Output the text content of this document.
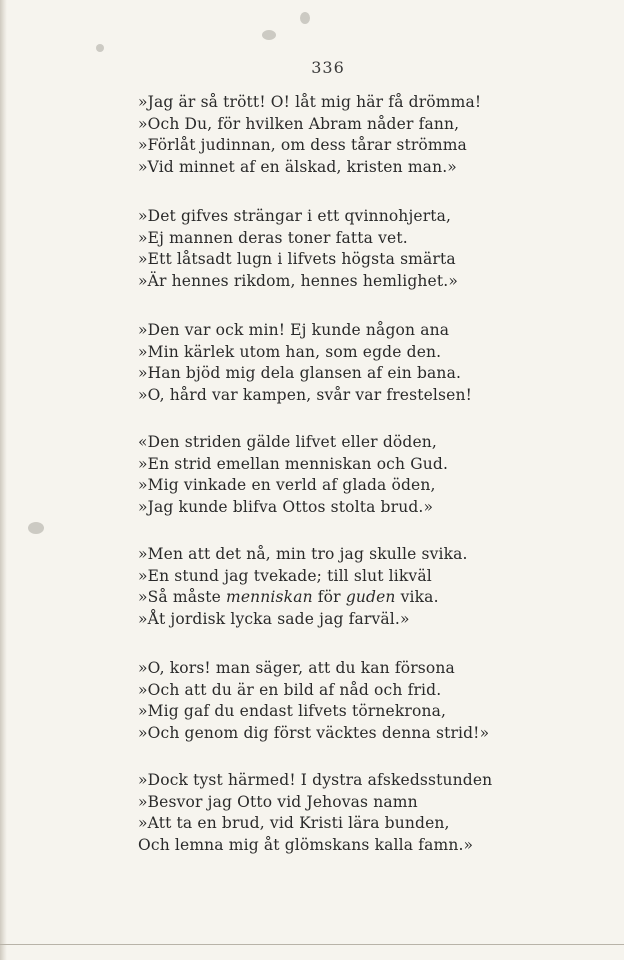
336
»Jag är så trött! O! låt mig här få drömma!
»Och Du, för hvilken Abram nåder fann,
»Förlåt judinnan, om dess tårar strömma
»Vid minnet af en älskad, kristen man.»
»Det gifves strängar i ett qvinnohjerta,
»Ej mannen deras toner fatta vet.
»Ett låtsadt lugn i lifvets högsta smärta
»Är hennes rikdom, hennes hemlighet.»
»Den var ock min! Ej kunde någon ana
»Min kärlek utom han, som egde den.
»Han bjöd mig dela glansen af ein bana.
»O, hård var kampen, svår var frestelsen!
«Den striden gälde lifvet eller döden,
»En strid emellan menniskan och Gud.
»Mig vinkade en verld af glada öden,
»Jag kunde blifva Ottos stolta brud.»
»Men att det nå, min tro jag skulle svika.
»En stund jag tvekade; till slut likväl
»Så måste menniskan för guden vika.
»Åt jordisk lycka sade jag farväl.»
»O, kors! man säger, att du kan försona
»Och att du är en bild af nåd och frid.
»Mig gaf du endast lifvets törnekrona,
»Och genom dig först väcktes denna strid!»
»Dock tyst härmed! I dystra afskedsstunden
»Besvor jag Otto vid Jehovas namn
»Att ta en brud, vid Kristi lära bunden,
Och lemna mig åt glömskans kalla famn.»
